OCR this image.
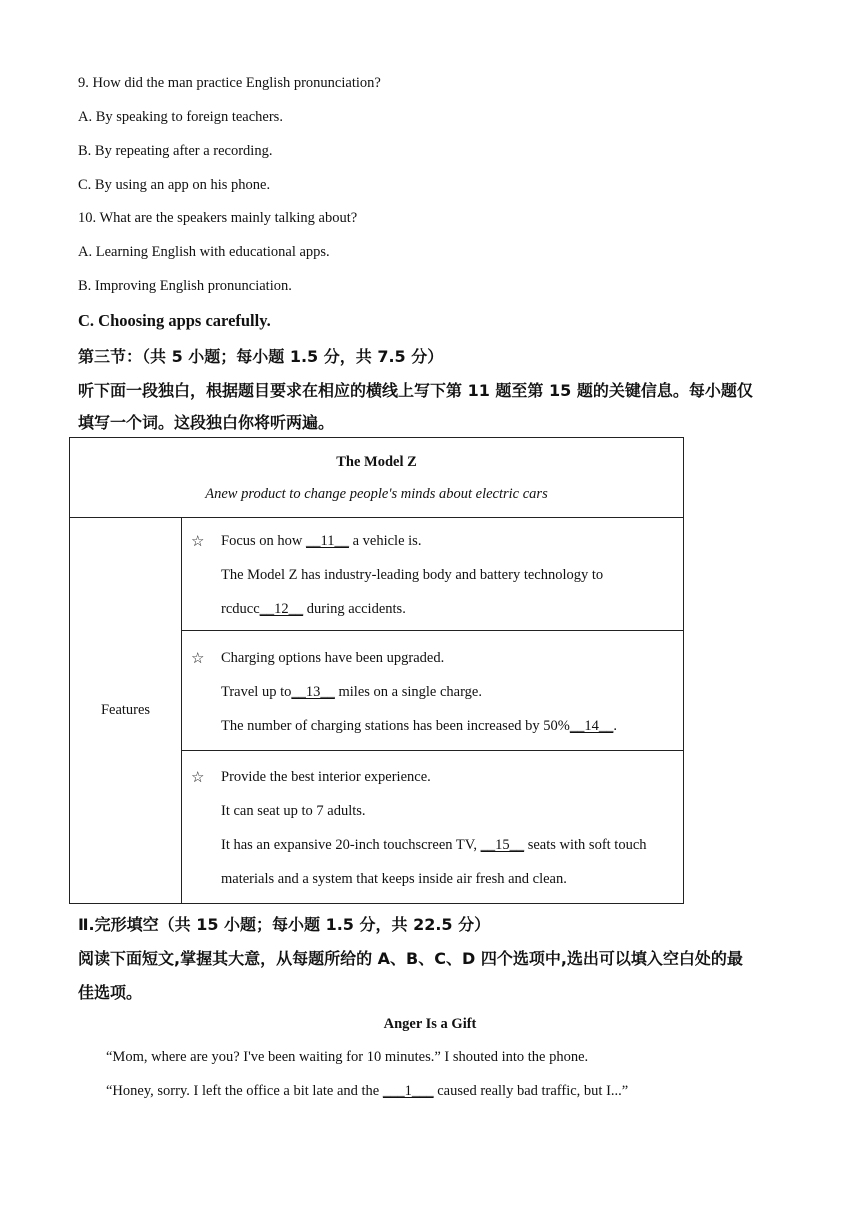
9. How did the man practice English pronunciation?
A. By speaking to foreign teachers.
B. By repeating after a recording.
C. By using an app on his phone.
10. What are the speakers mainly talking about?
A. Learning English with educational apps.
B. Improving English pronunciation.
C. Choosing apps carefully.
第三节：（共 5 小题；每小题 1.5 分，共 7.5 分）
听下面一段独白，根据题目要求在相应的横线上写下第 11 题至第 15 题的关键信息。每小题仅
填写一个词。这段独白你将听两遍。
The Model Z
Anew product to change people's minds about electric cars

Features	
☆ Focus on how __11__ a vehicle is.
The Model Z has industry-leading body and battery technology to
rcducc__12__ during accidents.

☆ Charging options have been upgraded.
Travel up to__13__ miles on a single charge.
The number of charging stations has been increased by 50%__14__.

☆ Provide the best interior experience.
It can seat up to 7 adults.
It has an expansive 20-inch touchscreen TV, __15__ seats with soft touch
materials and a system that keeps inside air fresh and clean.
Ⅱ.完形填空（共 15 小题；每小题 1.5 分，共 22.5 分）
阅读下面短文,掌握其大意，从每题所给的 A、B、C、D 四个选项中,选出可以填入空白处的最
佳选项。
Anger Is a Gift
“Mom, where are you? I've been waiting for 10 minutes.” I shouted into the phone.
“Honey, sorry. I left the office a bit late and the ___1___ caused really bad traffic, but I...”
